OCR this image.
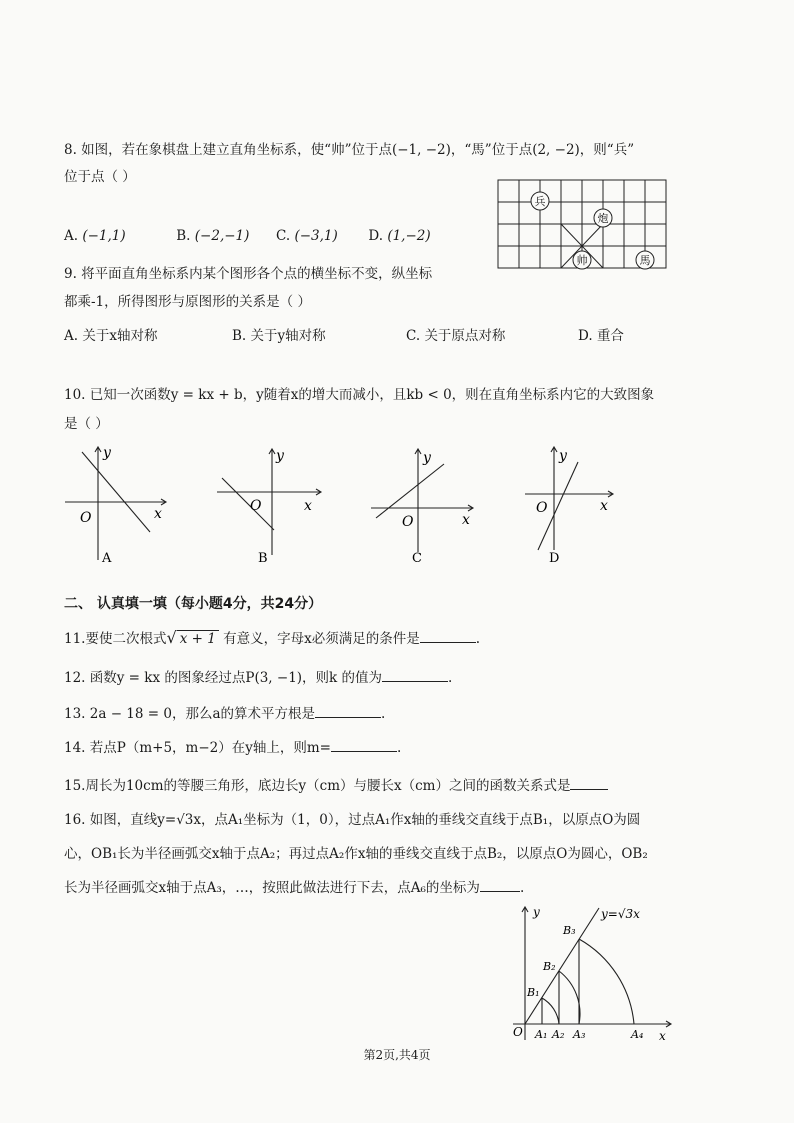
8. 如图，若在象棋盘上建立直角坐标系，使“帅”位于点(−1, −2)，“馬”位于点(2, −2)，则“兵”
位于点（ ）
A. (−1,1)	B. (−2,−1) C. (−3,1) D. (1,−2)
兵
炮
帅	馬
9. 将平面直角坐标系内某个图形各个点的横坐标不变，纵坐标
都乘-1，所得图形与原图形的关系是（ ）
A. 关于x轴对称	B. 关于y轴对称	C. 关于原点对称	D. 重合
10. 已知一次函数y = kx + b，y随着x的增大而减小，且kb < 0，则在直角坐标系内它的大致图象
是（ ）
y
x
O
A
y
x
O
B
y
x
O
C
y
x
O
D
二、 认真填一填（每小题4分，共24分）
11.要使二次根式√ x + 1 有意义，字母x必须满足的条件是	.
12. 函数y = kx 的图象经过点P(3, −1)，则k 的值为	.
13. 2a − 18 = 0，那么a的算术平方根是	.
14. 若点P（m+5，m−2）在y轴上，则m=	.
15.周长为10cm的等腰三角形，底边长y（cm）与腰长x（cm）之间的函数关系式是
16. 如图，直线y=√3x，点A₁坐标为（1，0），过点A₁作x轴的垂线交直线于点B₁，以原点O为圆
心，OB₁长为半径画弧交x轴于点A₂；再过点A₂作x轴的垂线交直线于点B₂，以原点O为圆心，OB₂
长为半径画弧交x轴于点A₃，…，按照此做法进行下去，点A₆的坐标为	.
y=√3x
y
x
O
B₁
B₂
B₃
A₁ A₂ A₃	A₄
第2页,共4页
